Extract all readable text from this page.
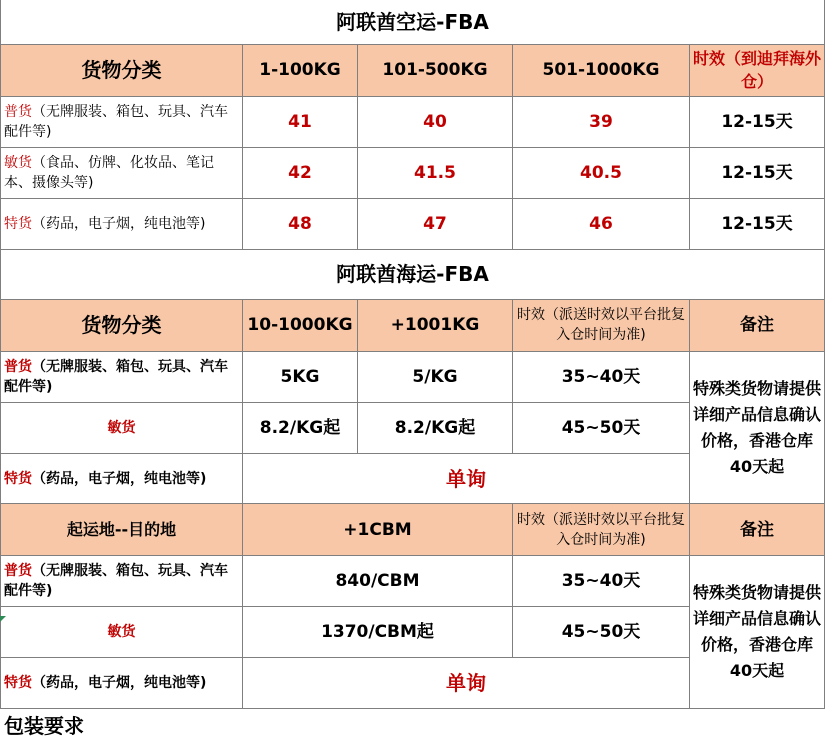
阿联酋空运-FBA				
货物分类	1-100KG	101-500KG	501-1000KG	时效（到迪拜海外仓）
普货（无牌服装、箱包、玩具、汽车配件等)	41	40	39	12-15天
敏货（食品、仿牌、化妆品、笔记本、摄像头等)	42	41.5	40.5	12-15天
特货（药品，电子烟，纯电池等)	48	47	46	12-15天
阿联酋海运-FBA				
货物分类	10-1000KG	+1001KG	时效（派送时效以平台批复入仓时间为准)	备注
普货（无牌服装、箱包、玩具、汽车配件等)	5KG	5/KG	35~40天	特殊类货物请提供详细产品信息确认价格，香港仓库40天起
敏货	8.2/KG起	8.2/KG起	45~50天	
特货（药品，电子烟，纯电池等)	单询			
起运地--目的地	+1CBM	时效（派送时效以平台批复入仓时间为准)	备注
普货（无牌服装、箱包、玩具、汽车配件等)	840/CBM	35~40天	特殊类货物请提供详细产品信息确认价格，香港仓库40天起
敏货	1370/CBM起	45~50天	
特货（药品，电子烟，纯电池等)	单询		
包装要求
